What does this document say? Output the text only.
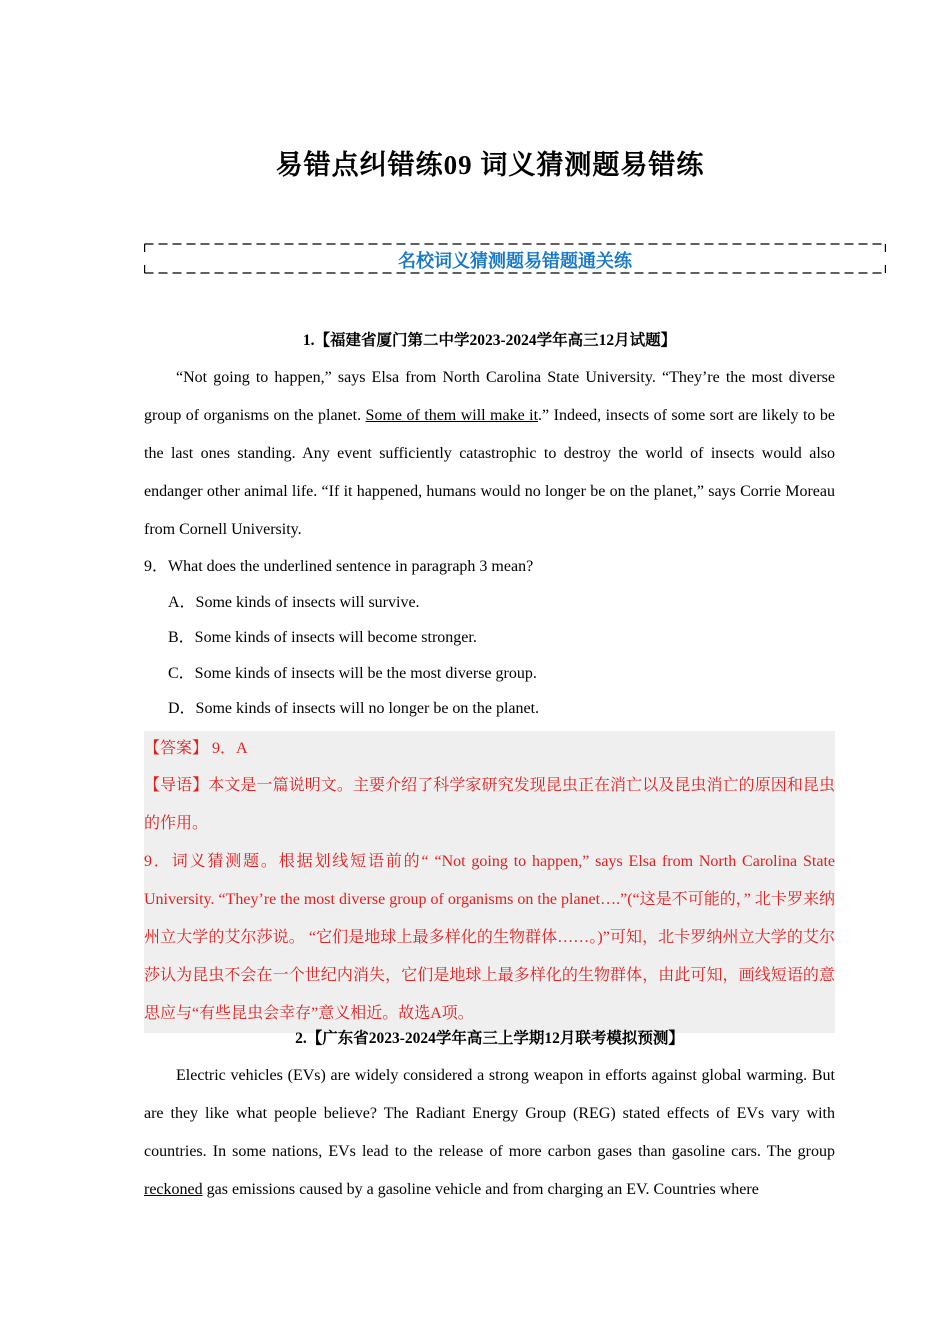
易错点纠错练09 词义猜测题易错练
名校词义猜测题易错题通关练
1.【福建省厦门第二中学2023-2024学年高三12月试题】
“Not going to happen,” says Elsa from North Carolina State University. “They’re the most diverse group of organisms on the planet. Some of them will make it.” Indeed, insects of some sort are likely to be the last ones standing. Any event sufficiently catastrophic to destroy the world of insects would also endanger other animal life. “If it happened, humans would no longer be on the planet,” says Corrie Moreau from Cornell University.
9．What does the underlined sentence in paragraph 3 mean?
A．Some kinds of insects will survive.
B．Some kinds of insects will become stronger.
C．Some kinds of insects will be the most diverse group.
D．Some kinds of insects will no longer be on the planet.
【答案】 9．A
【导语】本文是一篇说明文。主要介绍了科学家研究发现昆虫正在消亡以及昆虫消亡的原因和昆虫的作用。
9．词义猜测题。根据划线短语前的“ “Not going to happen,” says Elsa from North Carolina State University. “They’re the most diverse group of organisms on the planet….”(“这是不可能的，” 北卡罗来纳州立大学的艾尔莎说。 “它们是地球上最多样化的生物群体……。)”可知，北卡罗纳州立大学的艾尔莎认为昆虫不会在一个世纪内消失，它们是地球上最多样化的生物群体，由此可知，画线短语的意思应与“有些昆虫会幸存”意义相近。故选A项。
2.【广东省2023-2024学年高三上学期12月联考模拟预测】
Electric vehicles (EVs) are widely considered a strong weapon in efforts against global warming. But are they like what people believe? The Radiant Energy Group (REG) stated effects of EVs vary with countries. In some nations, EVs lead to the release of more carbon gases than gasoline cars. The group reckoned gas emissions caused by a gasoline vehicle and from charging an EV. Countries where
